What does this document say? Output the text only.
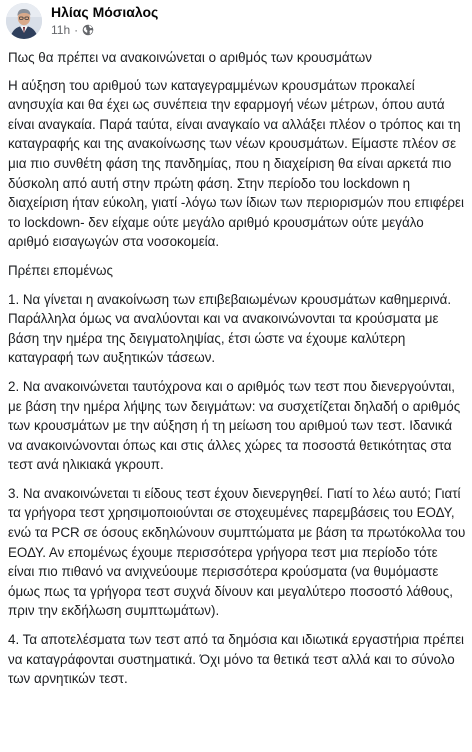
Ηλίας Μόσιαλος
11h ·

Πως θα πρέπει να ανακοινώνεται ο αριθμός των κρουσμάτων

Η αύξηση του αριθμού των καταγεγραμμένων κρουσμάτων προκαλεί ανησυχία και θα έχει ως συνέπεια την εφαρμογή νέων μέτρων, όπου αυτά είναι αναγκαία. Παρά ταύτα, είναι αναγκαίο να αλλάξει πλέον ο τρόπος και τη καταγραφής και της ανακοίνωσης των νέων κρουσμάτων. Είμαστε πλέον σε μια πιο συνθέτη φάση της πανδημίας, που η διαχείριση θα είναι αρκετά πιο δύσκολη από αυτή στην πρώτη φάση. Στην περίοδο του lockdown η διαχείριση ήταν εύκολη, γιατί -λόγω των ίδιων των περιορισμών που επιφέρει το lockdown- δεν είχαμε ούτε μεγάλο αριθμό κρουσμάτων ούτε μεγάλο αριθμό εισαγωγών στα νοσοκομεία.

Πρέπει επομένως

1. Να γίνεται η ανακοίνωση των επιβεβαιωμένων κρουσμάτων καθημερινά. Παράλληλα όμως να αναλύονται και να ανακοινώνονται τα κρούσματα με βάση την ημέρα της δειγματοληψίας, έτσι ώστε να έχουμε καλύτερη καταγραφή των αυξητικών τάσεων.

2. Να ανακοινώνεται ταυτόχρονα και ο αριθμός των τεστ που διενεργούνται, με βάση την ημέρα λήψης των δειγμάτων: να συσχετίζεται δηλαδή ο αριθμός των κρουσμάτων με την αύξηση ή τη μείωση του αριθμού των τεστ. Ιδανικά να ανακοινώνονται όπως και στις άλλες χώρες τα ποσοστά θετικότητας στα τεστ ανά ηλικιακά γκρουπ.

3. Να ανακοινώνεται τι είδους τεστ έχουν διενεργηθεί. Γιατί το λέω αυτό; Γιατί τα γρήγορα τεστ χρησιμοποιούνται σε στοχευμένες παρεμβάσεις του ΕΟΔΥ, ενώ τα PCR σε όσους εκδηλώνουν συμπτώματα με βάση τα πρωτόκολλα του ΕΟΔΥ. Αν επομένως έχουμε περισσότερα γρήγορα τεστ μια περίοδο τότε είναι πιο πιθανό να ανιχνεύουμε περισσότερα κρούσματα (να θυμόμαστε όμως πως τα γρήγορα τεστ συχνά δίνουν και μεγαλύτερο ποσοστό λάθους, πριν την εκδήλωση συμπτωμάτων).

4. Τα αποτελέσματα των τεστ από τα δημόσια και ιδιωτικά εργαστήρια πρέπει να καταγράφονται συστηματικά. Όχι μόνο τα θετικά τεστ αλλά και το σύνολο των αρνητικών τεστ.
